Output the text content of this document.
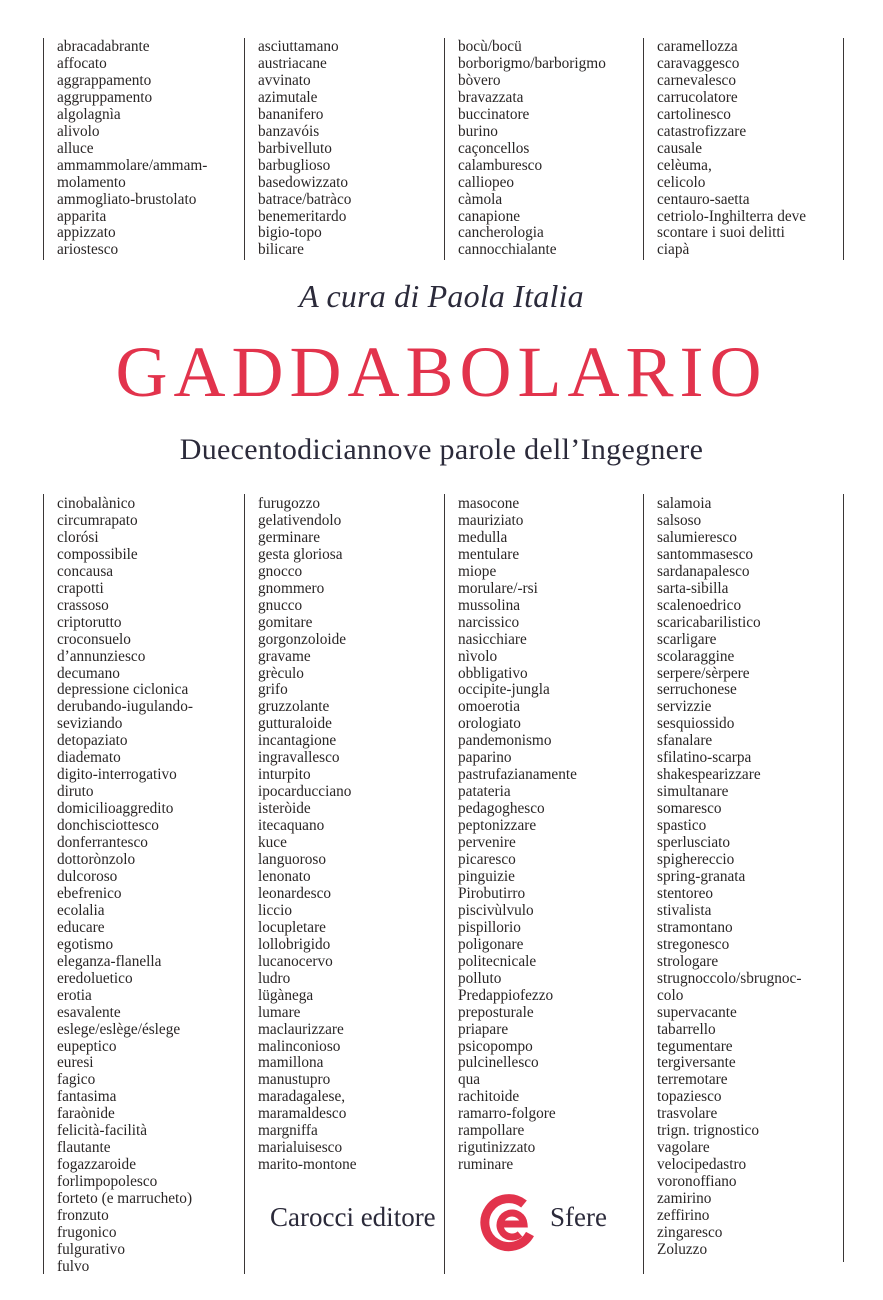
abracadabrante
affocato
aggrappamento
aggruppamento
algolagnìa
alivolo
alluce
ammammolare/ammam-
molamento
ammogliato-brustolato
apparita
appizzato
ariostesco
asciuttamano
austriacane
avvinato
azimutale
bananifero
banzavóis
barbivelluto
barbuglioso
basedowizzato
batrace/batràco
benemeritardo
bigio-topo
bilicare
bocù/bocü
borborigmo/barborigmo
bòvero
bravazzata
buccinatore
burino
caçoncellos
calamburesco
calliopeo
càmola
canapione
cancherologia
cannocchialante
caramellozza
caravaggesco
carnevalesco
carrucolatore
cartolinesco
catastrofizzare
causale
celèuma,
celicolo
centauro-saetta
cetriolo-Inghilterra deve
scontare i suoi delitti
ciapà
A cura di Paola Italia
GADDABOLARIO
Duecentodiciannove parole dell’Ingegnere
cinobalànico
circumrapato
clorósi
compossibile
concausa
crapotti
crassoso
criptorutto
croconsuelo
d’annunziesco
decumano
depressione ciclonica
derubando-iugulando-
seviziando
detopaziato
diademato
digito-interrogativo
diruto
domicilioaggredito
donchisciottesco
donferrantesco
dottorònzolo
dulcoroso
ebefrenico
ecolalia
educare
egotismo
eleganza-flanella
eredoluetico
erotia
esavalente
eslege/eslège/éslege
eupeptico
euresi
fagico
fantasima
faraònide
felicità-facilità
flautante
fogazzaroide
forlimpopolesco
forteto (e marrucheto)
fronzuto
frugonico
fulgurativo
fulvo
furugozzo
gelativendolo
germinare
gesta gloriosa
gnocco
gnommero
gnucco
gomitare
gorgonzoloide
gravame
grèculo
grifo
gruzzolante
gutturaloide
incantagione
ingravallesco
inturpito
ipocarducciano
isteròide
itecaquano
kuce
languoroso
lenonato
leonardesco
liccio
locupletare
lollobrigido
lucanocervo
ludro
lügànega
lumare
maclaurizzare
malinconioso
mamillona
manustupro
maradagalese,
maramaldesco
margniffa
marialuisesco
marito-montone
masocone
mauriziato
medulla
mentulare
miope
morulare/-rsi
mussolina
narcissico
nasicchiare
nìvolo
obbligativo
occipite-jungla
omoerotia
orologiato
pandemonismo
paparino
pastrufazianamente
patateria
pedagoghesco
peptonizzare
pervenire
picaresco
pinguizie
Pirobutirro
piscivùlvulo
pispillorio
poligonare
politecnicale
polluto
Predappiofezzo
preposturale
priapare
psicopompo
pulcinellesco
qua
rachitoide
ramarro-folgore
rampollare
rigutinizzato
ruminare
salamoia
salsoso
salumieresco
santommasesco
sardanapalesco
sarta-sibilla
scalenoedrico
scaricabarilistico
scarligare
scolaraggine
serpere/sèrpere
serruchonese
servizzie
sesquiossido
sfanalare
sfilatino-scarpa
shakespearizzare
simultanare
somaresco
spastico
sperlusciato
spighereccio
spring-granata
stentoreo
stivalista
stramontano
stregonesco
strologare
strugnoccolo/sbrugnoc-
colo
supervacante
tabarrello
tegumentare
tergiversante
terremotare
topaziesco
trasvolare
trign. trignostico
vagolare
velocipedastro
voronoffiano
zamirino
zeffirino
zingaresco
Zoluzzo
Carocci editore	Sfere
